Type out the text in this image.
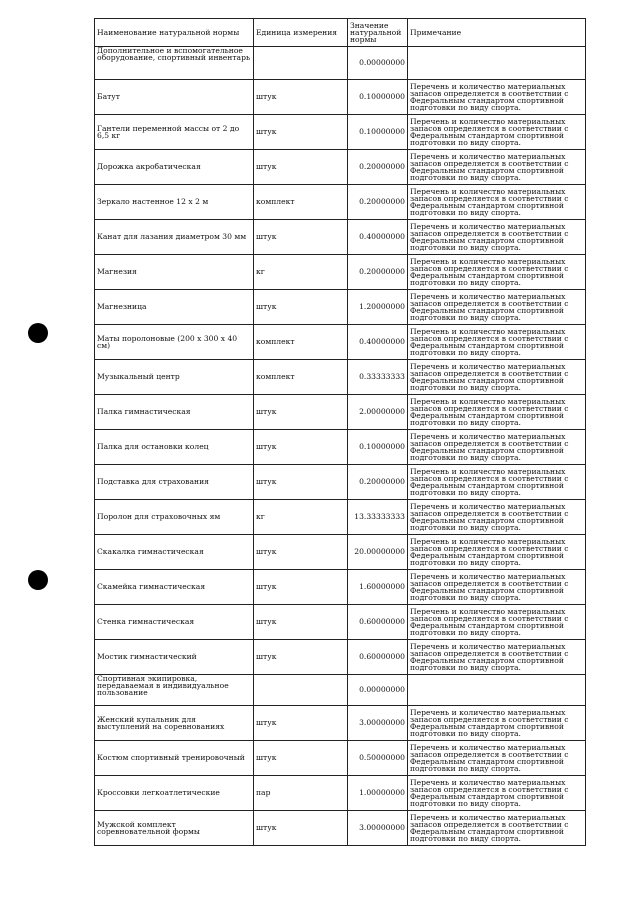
Наименование натуральной нормы	Единица измерения	Значение натуральной нормы	Примечание
Дополнительное и вспомогательное оборудование, спортивный инвентарь		0.00000000	
Батут	штук	0.10000000	Перечень и количество материальных запасов определяется в соответствии с Федеральным стандартом спортивной подготовки по виду спорта.
Гантели переменной массы от 2 до 6,5 кг	штук	0.10000000	Перечень и количество материальных запасов определяется в соответствии с Федеральным стандартом спортивной подготовки по виду спорта.
Дорожка акробатическая	штук	0.20000000	Перечень и количество материальных запасов определяется в соответствии с Федеральным стандартом спортивной подготовки по виду спорта.
Зеркало настенное 12 x 2 м	комплект	0.20000000	Перечень и количество материальных запасов определяется в соответствии с Федеральным стандартом спортивной подготовки по виду спорта.
Канат для лазания диаметром 30 мм	штук	0.40000000	Перечень и количество материальных запасов определяется в соответствии с Федеральным стандартом спортивной подготовки по виду спорта.
Магнезия	кг	0.20000000	Перечень и количество материальных запасов определяется в соответствии с Федеральным стандартом спортивной подготовки по виду спорта.
Магнезница	штук	1.20000000	Перечень и количество материальных запасов определяется в соответствии с Федеральным стандартом спортивной подготовки по виду спорта.
Маты поролоновые (200 x 300 x 40 см)	комплект	0.40000000	Перечень и количество материальных запасов определяется в соответствии с Федеральным стандартом спортивной подготовки по виду спорта.
Музыкальный центр	комплект	0.33333333	Перечень и количество материальных запасов определяется в соответствии с Федеральным стандартом спортивной подготовки по виду спорта.
Палка гимнастическая	штук	2.00000000	Перечень и количество материальных запасов определяется в соответствии с Федеральным стандартом спортивной подготовки по виду спорта.
Палка для остановки колец	штук	0.10000000	Перечень и количество материальных запасов определяется в соответствии с Федеральным стандартом спортивной подготовки по виду спорта.
Подставка для страхования	штук	0.20000000	Перечень и количество материальных запасов определяется в соответствии с Федеральным стандартом спортивной подготовки по виду спорта.
Поролон для страховочных ям	кг	13.33333333	Перечень и количество материальных запасов определяется в соответствии с Федеральным стандартом спортивной подготовки по виду спорта.
Скакалка гимнастическая	штук	20.00000000	Перечень и количество материальных запасов определяется в соответствии с Федеральным стандартом спортивной подготовки по виду спорта.
Скамейка гимнастическая	штук	1.60000000	Перечень и количество материальных запасов определяется в соответствии с Федеральным стандартом спортивной подготовки по виду спорта.
Стенка гимнастическая	штук	0.60000000	Перечень и количество материальных запасов определяется в соответствии с Федеральным стандартом спортивной подготовки по виду спорта.
Мостик гимнастический	штук	0.60000000	Перечень и количество материальных запасов определяется в соответствии с Федеральным стандартом спортивной подготовки по виду спорта.
Спортивная экипировка, передаваемая в индивидуальное пользование		0.00000000	
Женский купальник для выступлений на соревнованиях	штук	3.00000000	Перечень и количество материальных запасов определяется в соответствии с Федеральным стандартом спортивной подготовки по виду спорта.
Костюм спортивный тренировочный	штук	0.50000000	Перечень и количество материальных запасов определяется в соответствии с Федеральным стандартом спортивной подготовки по виду спорта.
Кроссовки легкоатлетические	пар	1.00000000	Перечень и количество материальных запасов определяется в соответствии с Федеральным стандартом спортивной подготовки по виду спорта.
Мужской комплект соревновательной формы	штук	3.00000000	Перечень и количество материальных запасов определяется в соответствии с Федеральным стандартом спортивной подготовки по виду спорта.
